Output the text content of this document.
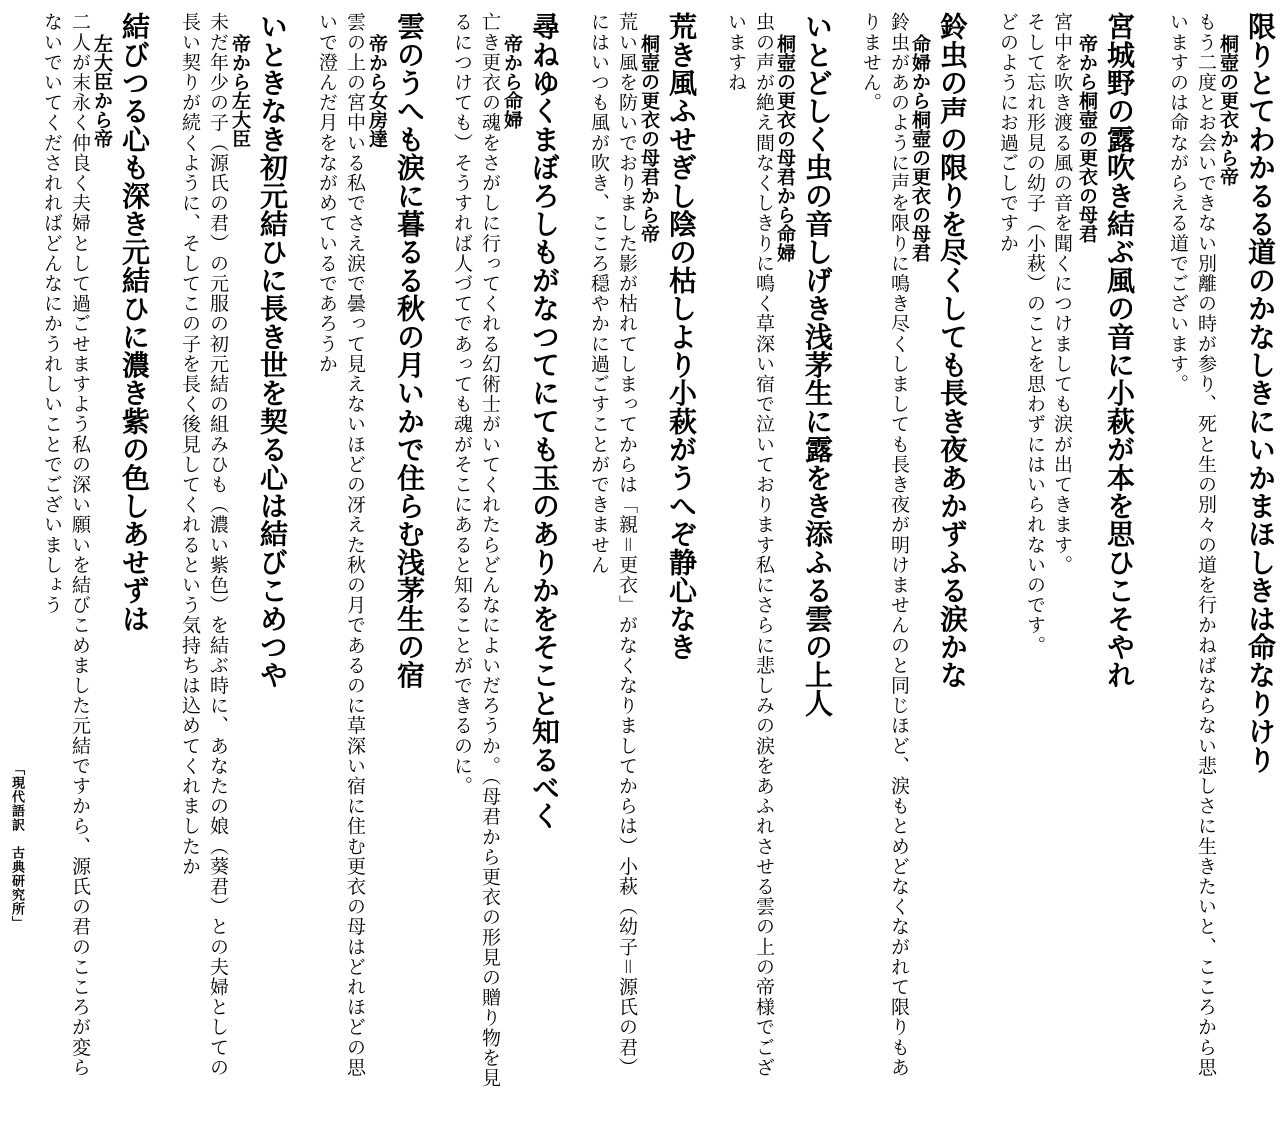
限りとてわかるる道のかなしきにいかまほしきは命なりけり
桐壺の更衣から帝
もう二度とお会いできない別離の時が参り、死と生の別々の道を行かねばならない悲しさに生きたいと、こころから思いますのは命ながらえる道でございます。
宮城野の露吹き結ぶ風の音に小萩が本を思ひこそやれ
帝から桐壺の更衣の母君
宮中を吹き渡る風の音を聞くにつけましても涙が出てきます。
そして忘れ形見の幼子（小萩）のことを思わずにはいられないのです。
どのようにお過ごしですか
鈴虫の声の限りを尽くしても長き夜あかずふる涙かな
命婦から桐壺の更衣の母君
鈴虫があのように声を限りに鳴き尽くしましても長き夜が明けませんのと同じほど、涙もとめどなくながれて限りもありません。
いとどしく虫の音しげき浅茅生に露をき添ふる雲の上人
桐壺の更衣の母君から命婦
虫の声が絶え間なくしきりに鳴く草深い宿で泣いております私にさらに悲しみの涙をあふれさせる雲の上の帝様でございますね
荒き風ふせぎし陰の枯しより小萩がうへぞ静心なき
桐壺の更衣の母君から帝
荒い風を防いでおりました影が枯れてしまってからは「親＝更衣」がなくなりましてからは）小萩（幼子＝源氏の君）にはいつも風が吹き、こころ穏やかに過ごすことができません
尋ねゆくまぼろしもがなつてにても玉のありかをそこと知るべく
帝から命婦
亡き更衣の魂をさがしに行ってくれる幻術士がいてくれたらどんなによいだろうか。（母君から更衣の形見の贈り物を見るにつけても）そうすれば人づてであっても魂がそこにあると知ることができるのに。
雲のうへも涙に暮るる秋の月いかで住らむ浅茅生の宿
帝から女房達
雲の上の宮中いる私でさえ涙で曇って見えないほどの冴えた秋の月であるのに草深い宿に住む更衣の母はどれほどの思いで澄んだ月をながめているであろうか
いときなき初元結ひに長き世を契る心は結びこめつや
帝から左大臣
未だ年少の子（源氏の君）の元服の初元結の組みひも（濃い紫色）を結ぶ時に、あなたの娘（葵君）との夫婦としての長い契りが続くように、そしてこの子を長く後見してくれるという気持ちは込めてくれましたか
結びつる心も深き元結ひに濃き紫の色しあせずは
左大臣から帝
二人が末永く仲良く夫婦として過ごせますよう私の深い願いを結びこめました元結ですから、源氏の君のこころが変らないでいてくだされればどんなにかうれしいことでございましょう
「現代語訳古典研究所」
